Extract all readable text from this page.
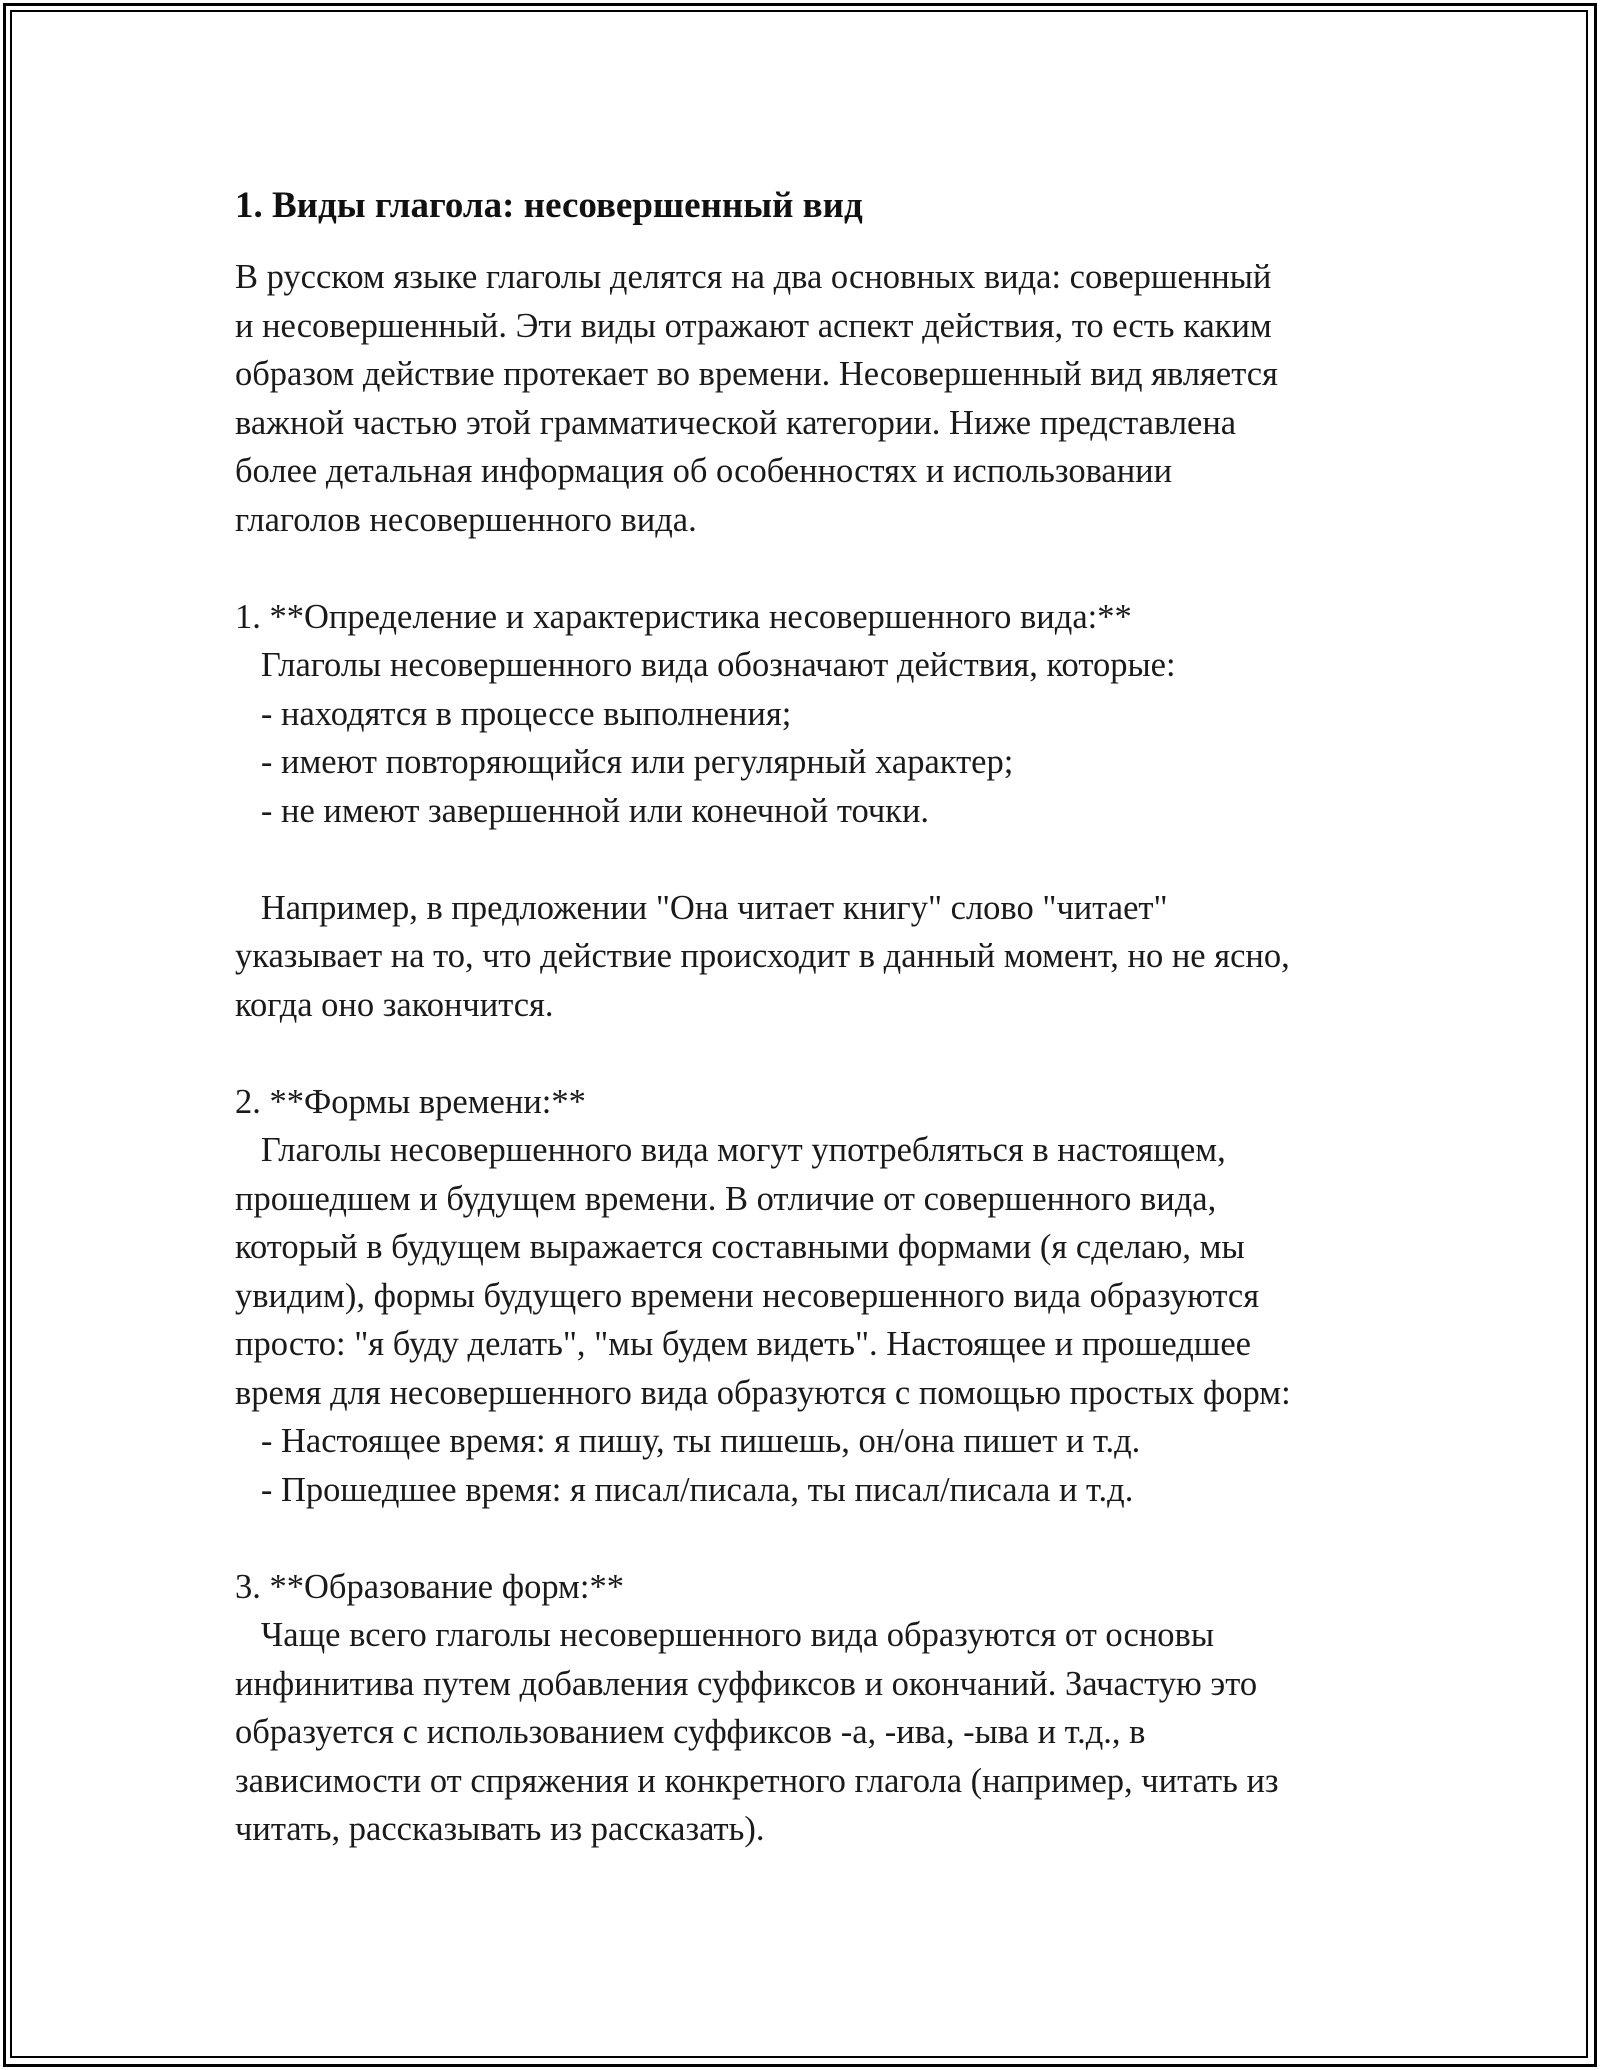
1. Виды глагола: несовершенный вид

В русском языке глаголы делятся на два основных вида: совершенный

и несовершенный. Эти виды отражают аспект действия, то есть каким

образом действие протекает во времени. Несовершенный вид является

важной частью этой грамматической категории. Ниже представлена

более детальная информация об особенностях и использовании

глаголов несовершенного вида.

1. **Определение и характеристика несовершенного вида:**

Глаголы несовершенного вида обозначают действия, которые:

- находятся в процессе выполнения;

- имеют повторяющийся или регулярный характер;

- не имеют завершенной или конечной точки.

Например, в предложении "Она читает книгу" слово "читает"

указывает на то, что действие происходит в данный момент, но не ясно,

когда оно закончится.

2. **Формы времени:**

Глаголы несовершенного вида могут употребляться в настоящем,

прошедшем и будущем времени. В отличие от совершенного вида,

который в будущем выражается составными формами (я сделаю, мы

увидим), формы будущего времени несовершенного вида образуются

просто: "я буду делать", "мы будем видеть". Настоящее и прошедшее

время для несовершенного вида образуются с помощью простых форм:

- Настоящее время: я пишу, ты пишешь, он/она пишет и т.д.

- Прошедшее время: я писал/писала, ты писал/писала и т.д.

3. **Образование форм:**

Чаще всего глаголы несовершенного вида образуются от основы

инфинитива путем добавления суффиксов и окончаний. Зачастую это

образуется с использованием суффиксов -а, -ива, -ыва и т.д., в

зависимости от спряжения и конкретного глагола (например, читать из

читать, рассказывать из рассказать).
